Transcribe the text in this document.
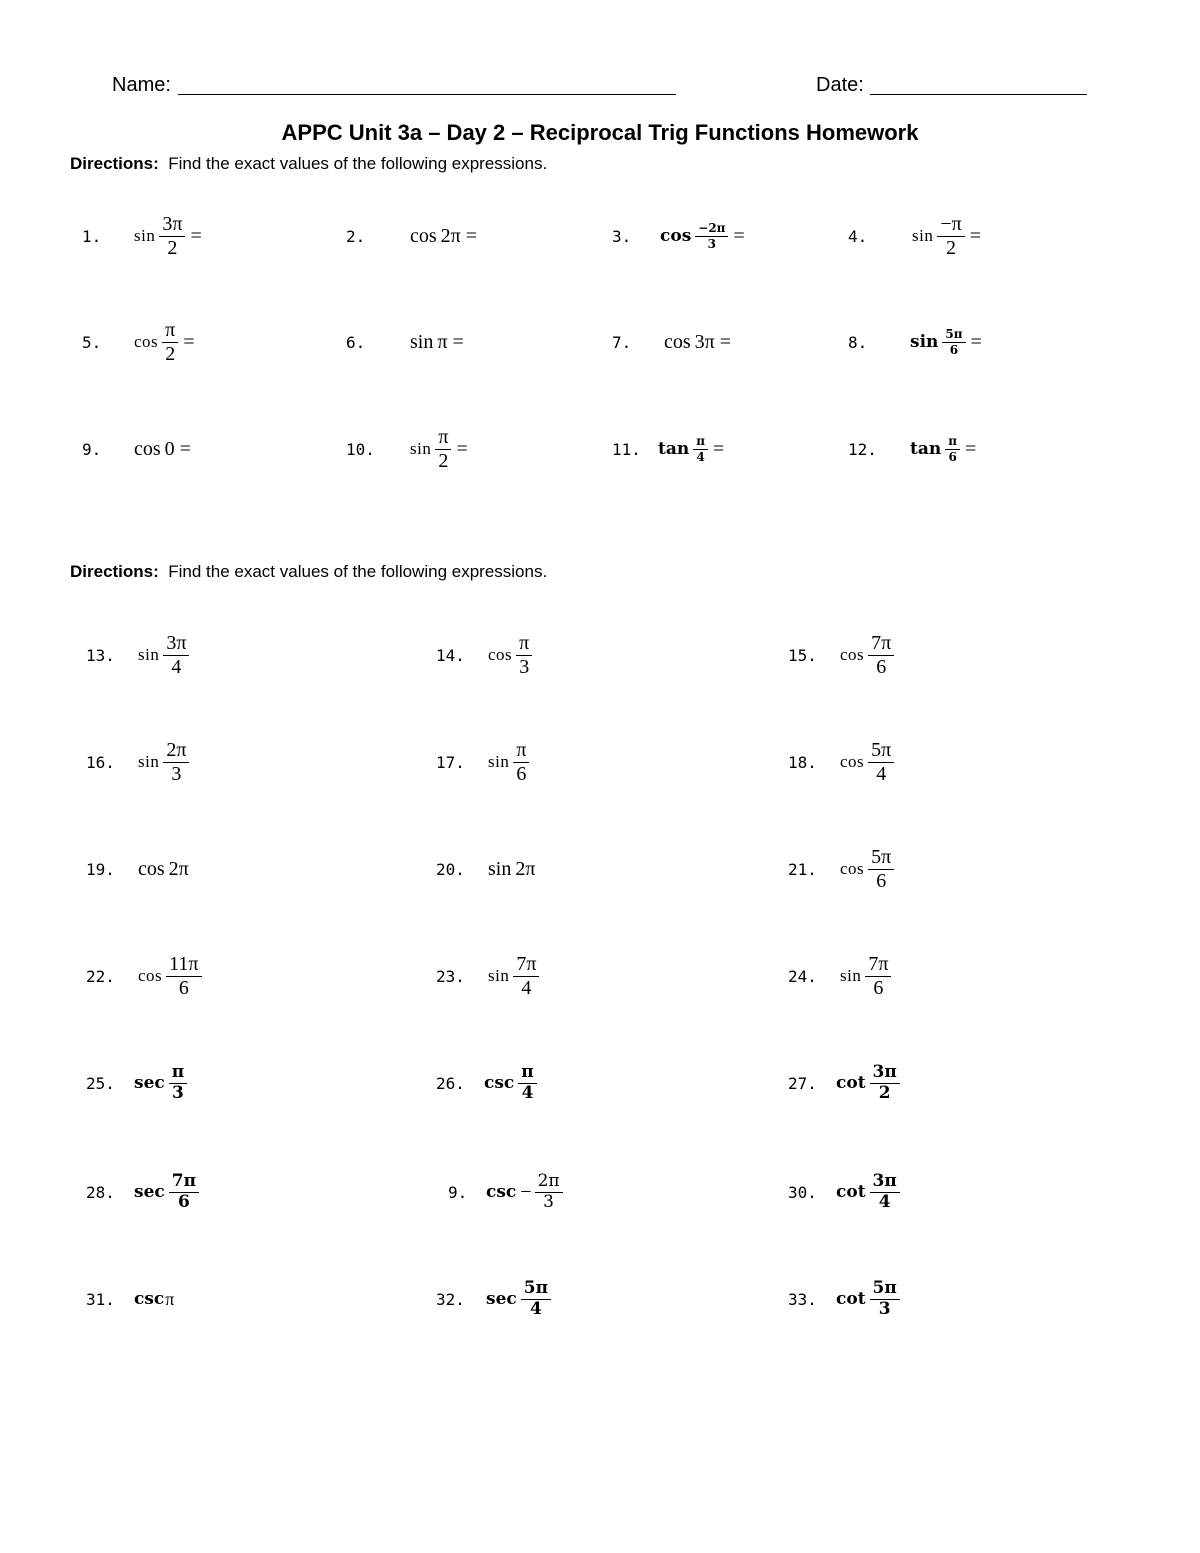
Name:	Date:
APPC Unit 3a – Day 2 – Reciprocal Trig Functions Homework
Directions: Find the exact values of the following expressions.
1.	$\sin \frac{3\pi}{2}$ =	2.	cos 2π =	3.	$\cos \frac{-2\pi}{3}$ =	4.	$\sin \frac{-\pi}{2}$ =
5.	$\cos \frac{\pi}{2}$ =	6.	sin π =	7.	cos 3π =	8.	$\sin \frac{5\pi}{6}$ =
9.	cos 0 =	10.	$\sin \frac{\pi}{2}$ =	11.	$\tan \frac{\pi}{4}$ =	12.	$\tan \frac{\pi}{6}$ =
Directions: Find the exact values of the following expressions.
13.	$\sin \frac{3\pi}{4}$	14.	$\cos \frac{\pi}{3}$	15.	$\cos \frac{7\pi}{6}$
16.	$\sin \frac{2\pi}{3}$	17.	$\sin \frac{\pi}{6}$	18.	$\cos \frac{5\pi}{4}$
19.	cos 2π	20.	sin 2π	21.	$\cos \frac{5\pi}{6}$
22.	$\cos \frac{11\pi}{6}$	23.	$\sin \frac{7\pi}{4}$	24.	$\sin \frac{7\pi}{6}$
25.	$\sec \frac{\pi}{3}$	26.	$\csc \frac{\pi}{4}$	27.	$\cot \frac{3\pi}{2}$
28.	$\sec \frac{7\pi}{6}$	9.	$\csc - \frac{2\pi}{3}$	30.	$\cot \frac{3\pi}{4}$
31.	csc π	32.	$\sec \frac{5\pi}{4}$	33.	$\cot \frac{5\pi}{3}$
